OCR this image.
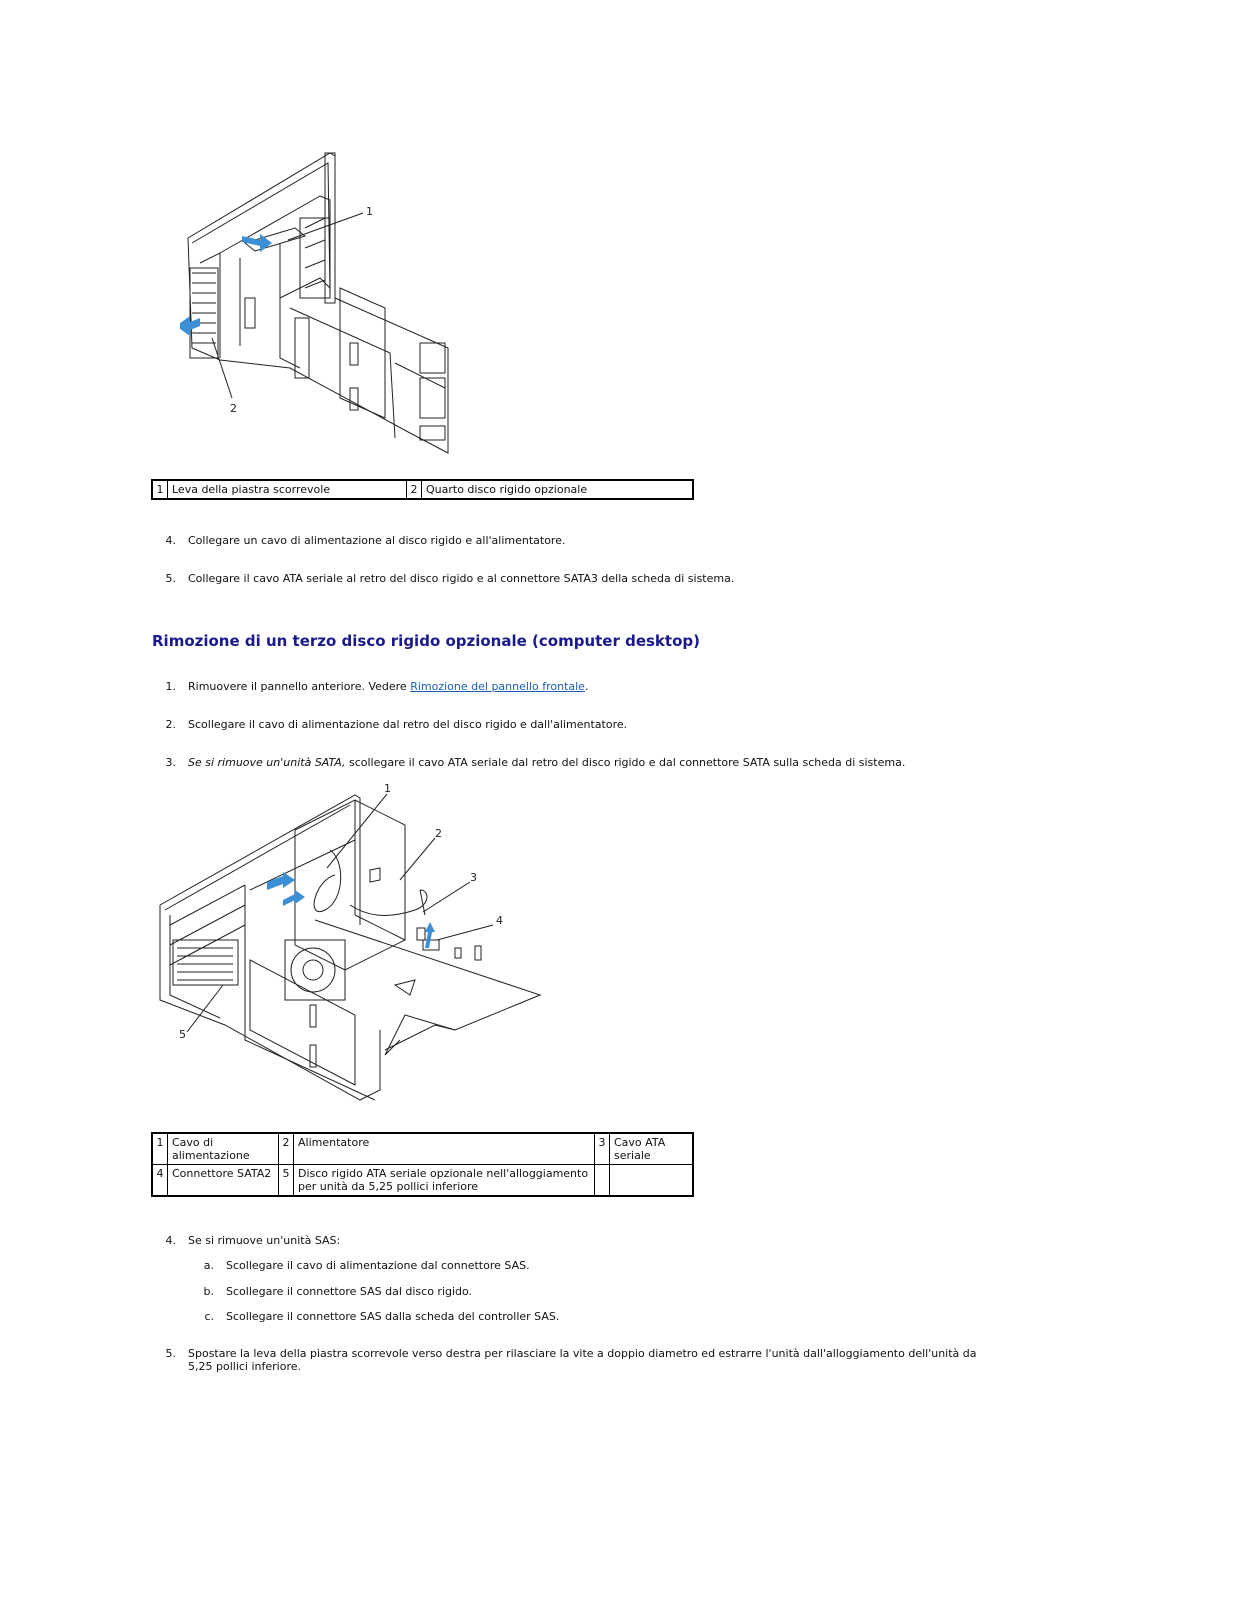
1
2
1	Leva della piastra scorrevole	2	Quarto disco rigido opzionale
4. Collegare un cavo di alimentazione al disco rigido e all'alimentatore.
5. Collegare il cavo ATA seriale al retro del disco rigido e al connettore SATA3 della scheda di sistema.
Rimozione di un terzo disco rigido opzionale (computer desktop)
1. Rimuovere il pannello anteriore. Vedere Rimozione del pannello frontale.
2. Scollegare il cavo di alimentazione dal retro del disco rigido e dall'alimentatore.
3. Se si rimuove un'unità SATA, scollegare il cavo ATA seriale dal retro del disco rigido e dal connettore SATA sulla scheda di sistema.
1
2
3
4
5
1	Cavo di alimentazione	2	Alimentatore	3	Cavo ATA seriale
4	Connettore SATA2	5	Disco rigido ATA seriale opzionale nell'alloggiamento per unità da 5,25 pollici inferiore		
4. Se si rimuove un'unità SAS:
a. Scollegare il cavo di alimentazione dal connettore SAS.
b. Scollegare il connettore SAS dal disco rigido.
c. Scollegare il connettore SAS dalla scheda del controller SAS.
5. Spostare la leva della piastra scorrevole verso destra per rilasciare la vite a doppio diametro ed estrarre l'unità dall'alloggiamento dell'unità da
5,25 pollici inferiore.
